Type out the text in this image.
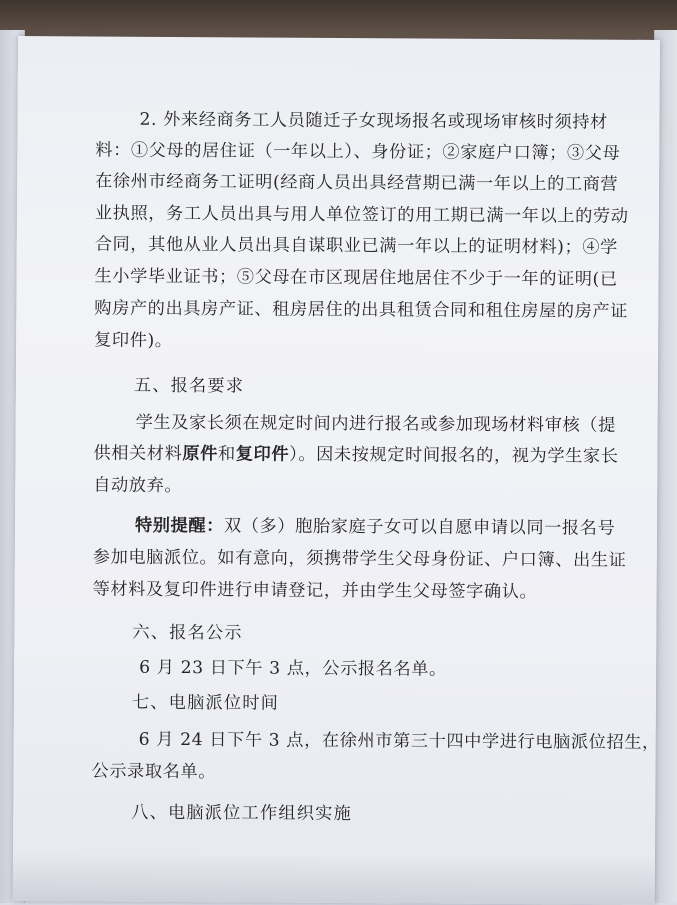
2. 外来经商务工人员随迁子女现场报名或现场审核时须持材
料：①父母的居住证（一年以上）、身份证；②家庭户口簿；③父母
在徐州市经商务工证明(经商人员出具经营期已满一年以上的工商营
业执照，务工人员出具与用人单位签订的用工期已满一年以上的劳动
合同，其他从业人员出具自谋职业已满一年以上的证明材料)；④学
生小学毕业证书；⑤父母在市区现居住地居住不少于一年的证明(已
购房产的出具房产证、租房居住的出具租赁合同和租住房屋的房产证
复印件)。
五、报名要求
学生及家长须在规定时间内进行报名或参加现场材料审核（提
供相关材料原件和复印件）。因未按规定时间报名的，视为学生家长
自动放弃。
特别提醒：双（多）胞胎家庭子女可以自愿申请以同一报名号
参加电脑派位。如有意向，须携带学生父母身份证、户口簿、出生证
等材料及复印件进行申请登记，并由学生父母签字确认。
六、报名公示
6 月 23 日下午 3 点，公示报名名单。
七、电脑派位时间
6 月 24 日下午 3 点，在徐州市第三十四中学进行电脑派位招生，
公示录取名单。
八、电脑派位工作组织实施
